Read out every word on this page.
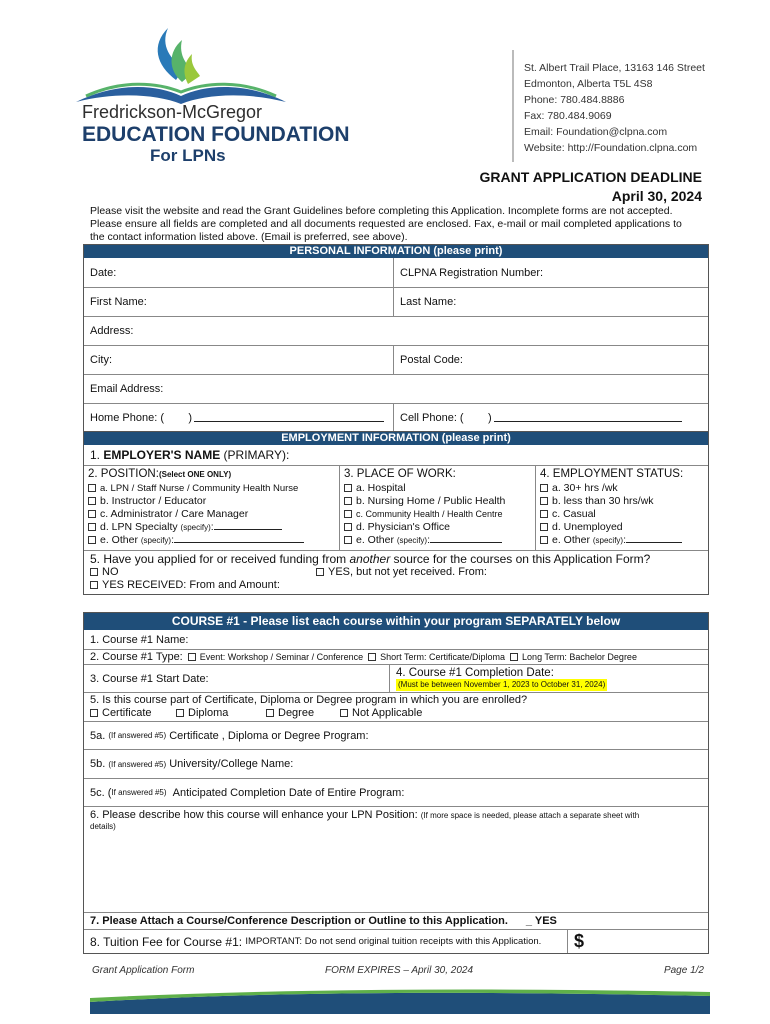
Fredrickson-McGregor
EDUCATION FOUNDATION
For LPNs
St. Albert Trail Place, 13163 146 Street
Edmonton, Alberta T5L 4S8
Phone: 780.484.8886
Fax: 780.484.9069
Email: Foundation@clpna.com
Website: http://Foundation.clpna.com
GRANT APPLICATION DEADLINE
April 30, 2024
Please visit the website and read the Grant Guidelines before completing this Application. Incomplete forms are not accepted. Please ensure all fields are completed and all documents requested are enclosed. Fax, e-mail or mail completed applications to the contact information listed above. (Email is preferred, see above).
PERSONAL INFORMATION (please print)
Date:	CLPNA Registration Number:
First Name:	Last Name:
Address:
City:	Postal Code:
Email Address:
Home Phone: (        )	Cell Phone: (        )
EMPLOYMENT INFORMATION (please print)
1. EMPLOYER'S NAME (PRIMARY):
2. POSITION:(Select ONE ONLY)
a. LPN / Staff Nurse / Community Health Nurse
b. Instructor / Educator
c. Administrator / Care Manager
d. LPN Specialty (specify):
e. Other (specify):
3. PLACE OF WORK:
a. Hospital
b. Nursing Home / Public Health
c. Community Health / Health Centre
d. Physician's Office
e. Other (specify):
4. EMPLOYMENT STATUS:
a. 30+ hrs /wk
b. less than 30 hrs/wk
c. Casual
d. Unemployed
e. Other (specify):
5. Have you applied for or received funding from another source for the courses on this Application Form?
NO	YES, but not yet received. From:
YES RECEIVED: From and Amount:
COURSE #1 - Please list each course within your program SEPARATELY below
1. Course #1 Name:
2. Course #1 Type:	Event: Workshop / Seminar / Conference	Short Term: Certificate/Diploma	Long Term: Bachelor Degree
3. Course #1 Start Date:	4. Course #1 Completion Date:
(Must be between November 1, 2023 to October 31, 2024)
5. Is this course part of Certificate, Diploma or Degree program in which you are enrolled?
Certificate	Diploma	Degree	Not Applicable
5a.
(If answered #5)
Certificate , Diploma or Degree Program:
5b.
(If answered #5)
University/College Name:
5c. ( If answered #5)
Anticipated Completion Date of Entire Program:
6. Please describe how this course will enhance your LPN Position: (If more space is needed, please attach a separate sheet with
details)
7. Please Attach a Course/Conference Description or Outline to this Application. _ YES
8. Tuition Fee for Course #1: IMPORTANT: Do not send original tuition receipts with this Application. $
Grant Application Form	FORM EXPIRES – April 30, 2024	Page 1/2
